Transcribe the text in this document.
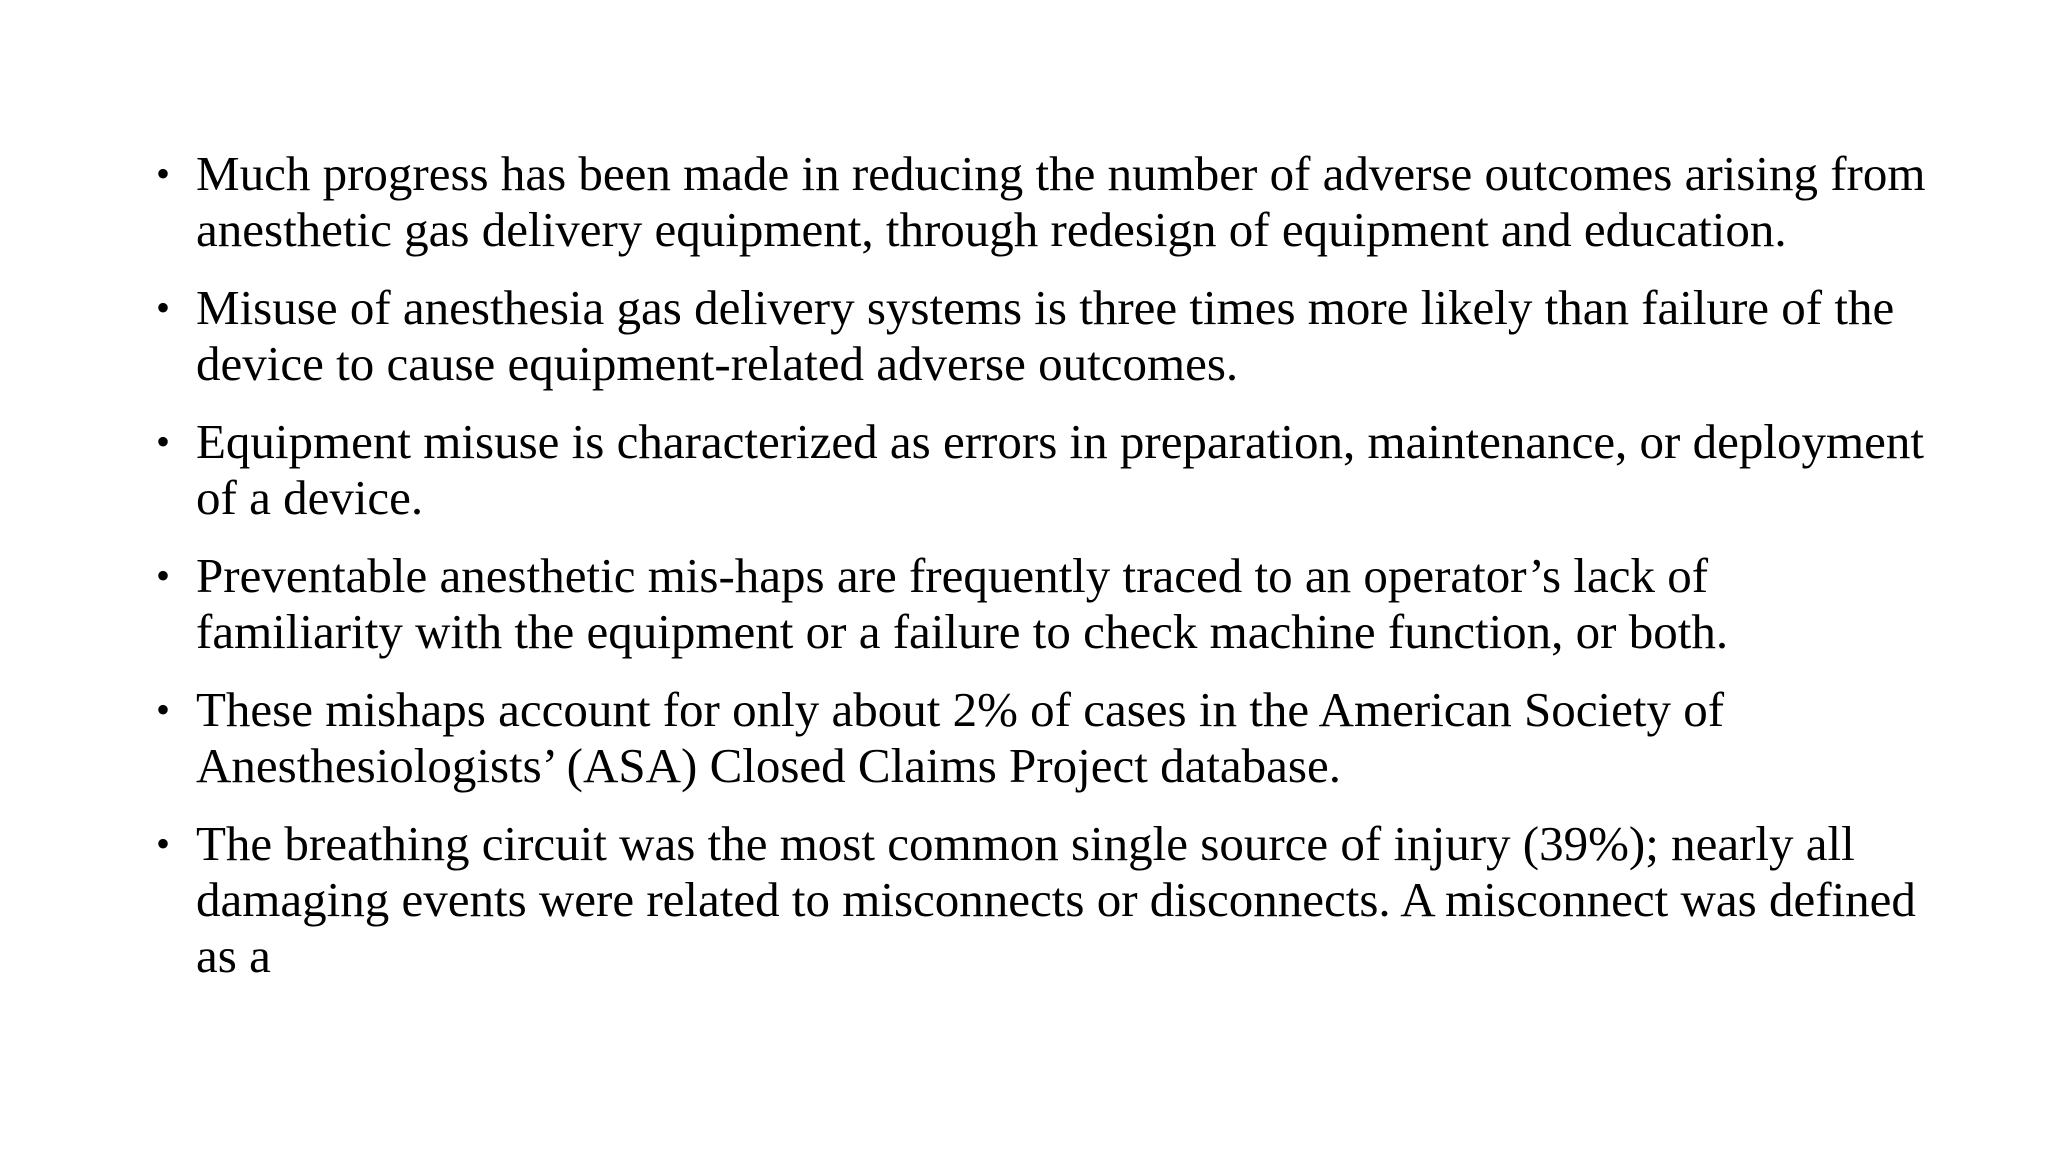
• Much progress has been made in reducing the number of adverse outcomes arising from anesthetic gas delivery equipment, through redesign of equipment and education.
• Misuse of anesthesia gas delivery systems is three times more likely than failure of the device to cause equipment-related adverse outcomes.
• Equipment misuse is characterized as errors in preparation, maintenance, or deployment of a device.
• Preventable anesthetic mis-haps are frequently traced to an operator’s lack of familiarity with the equipment or a failure to check machine function, or both.
• These mishaps account for only about 2% of cases in the American Society of Anesthesiologists’ (ASA) Closed Claims Project database.
• The breathing circuit was the most common single source of injury (39%); nearly all damaging events were related to misconnects or disconnects. A misconnect was defined as a
